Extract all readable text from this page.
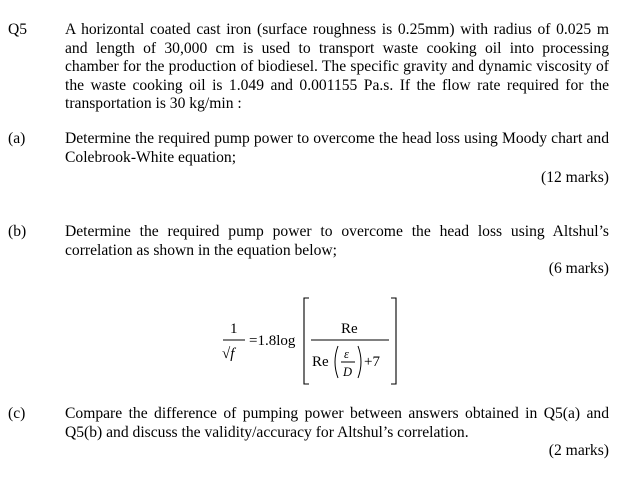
Q5 A horizontal coated cast iron (surface roughness is 0.25mm) with radius of 0.025 m and length of 30,000 cm is used to transport waste cooking oil into processing chamber for the production of biodiesel. The specific gravity and dynamic viscosity of the waste cooking oil is 1.049 and 0.001155 Pa.s. If the flow rate required for the transportation is 30 kg/min :
(a)	Determine the required pump power to overcome the head loss using Moody chart and Colebrook-White equation;
(12 marks)
(b) Determine the required pump power to overcome the head loss using Altshul’s correlation as shown in the equation below;
(6 marks)
1
√f
=1.8log
Re
Re ε
D
+7
(c)	Compare the difference of pumping power between answers obtained in Q5(a) and Q5(b) and discuss the validity/accuracy for Altshul’s correlation.
(2 marks)
